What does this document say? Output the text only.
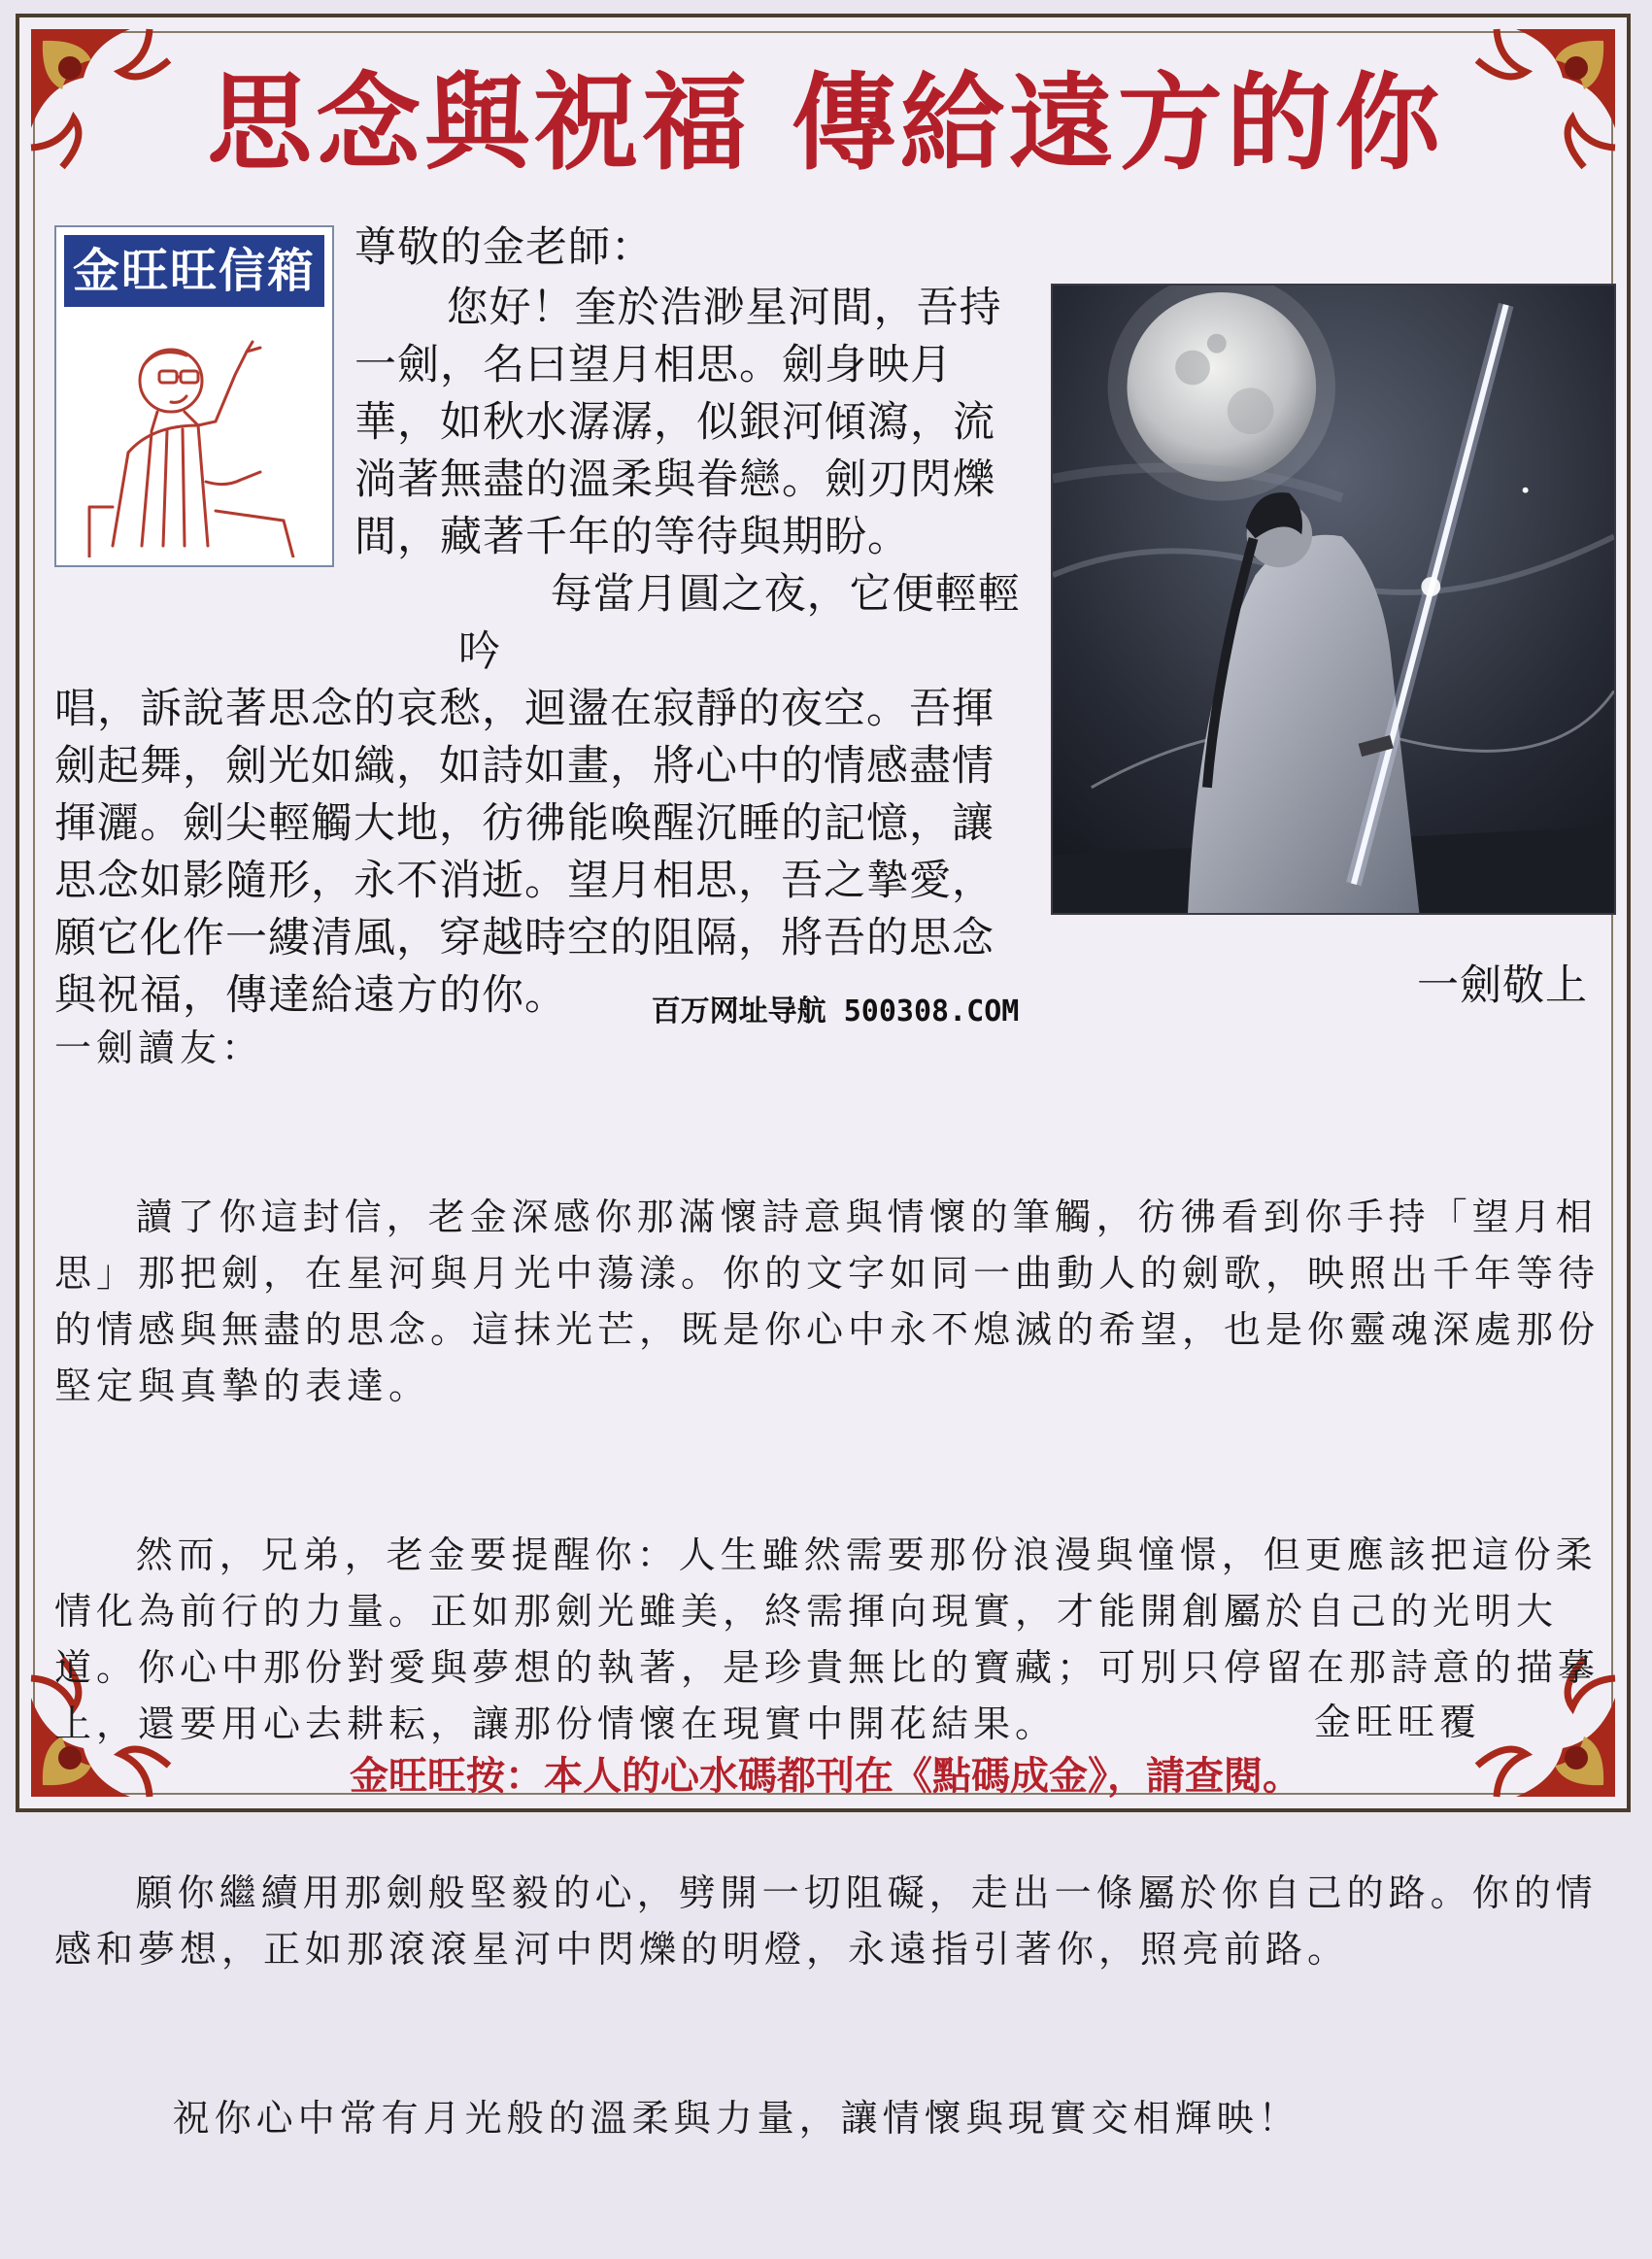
思念與祝福 傳給遠方的你
金旺旺信箱 尊敬的金老師：

您好！奎於浩渺星河間，吾持一劍，名曰望月相思。劍身映月華，如秋水潺潺，似銀河傾瀉，流淌著無盡的溫柔與眷戀。劍刃閃爍間，藏著千年的等待與期盼。

每當月圓之夜，它便輕輕吟
唱，訴說著思念的哀愁，迴盪在寂靜的夜空。吾揮劍起舞，劍光如織，如詩如畫，將心中的情感盡情揮灑。劍尖輕觸大地，彷彿能喚醒沉睡的記憶，讓思念如影隨形，永不消逝。望月相思，吾之摯愛，願它化作一縷清風，穿越時空的阻隔，將吾的思念與祝福，傳達給遠方的你。	一劍敬上

百万网址导航 500308.COM

一劍讀友：

讀了你這封信，老金深感你那滿懷詩意與情懷的筆觸，彷彿看到你手持「望月相思」那把劍，在星河與月光中蕩漾。你的文字如同一曲動人的劍歌，映照出千年等待的情感與無盡的思念。這抹光芒，既是你心中永不熄滅的希望，也是你靈魂深處那份堅定與真摯的表達。

然而，兄弟，老金要提醒你：人生雖然需要那份浪漫與憧憬，但更應該把這份柔情化為前行的力量。正如那劍光雖美，終需揮向現實，才能開創屬於自己的光明大道。你心中那份對愛與夢想的執著，是珍貴無比的寶藏；可別只停留在那詩意的描摹上，還要用心去耕耘，讓那份情懷在現實中開花結果。

願你繼續用那劍般堅毅的心，劈開一切阻礙，走出一條屬於你自己的路。你的情感和夢想，正如那滾滾星河中閃爍的明燈，永遠指引著你，照亮前路。

祝你心中常有月光般的溫柔與力量，讓情懷與現實交相輝映！

金旺旺覆

金旺旺按：本人的心水碼都刊在《點碼成金》，請查閱。
